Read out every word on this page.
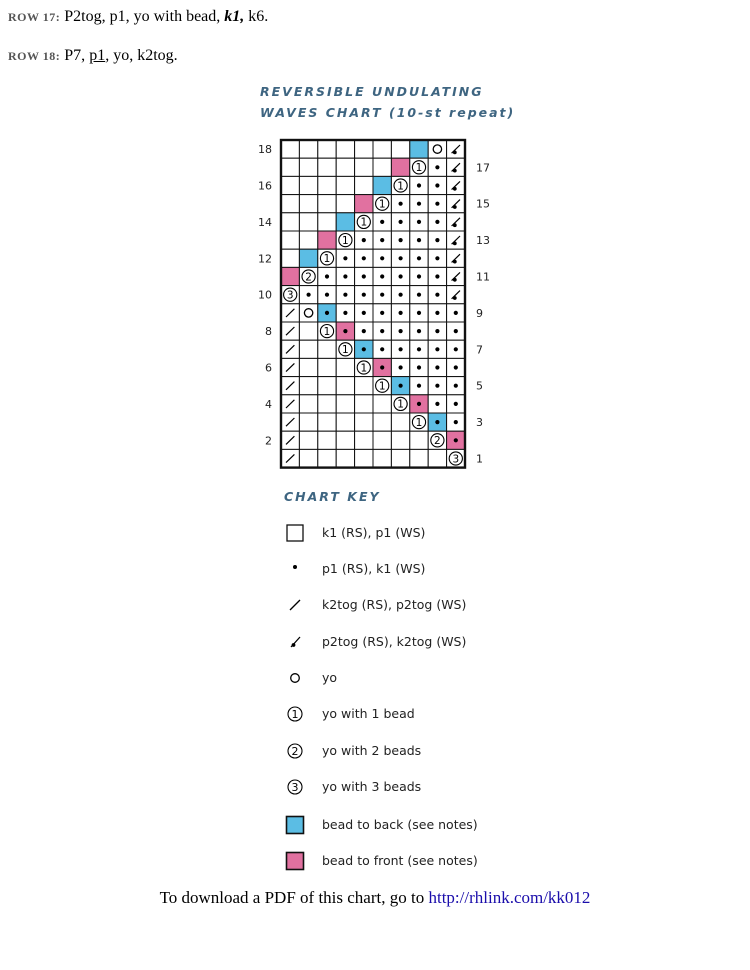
ROW 17: P2tog, p1, yo with bead, k1, k6.
ROW 18: P7, p1, yo, k2tog.
REVERSIBLE UNDULATING
WAVES CHART (10-st repeat)
1
1
1
1
1
1
2
3
1
1
1
1
1
1
2
3
18
16
14
12
10
8
6
4
2
17
15
13
11
9
7
5
3
1
CHART KEY
k1 (RS), p1 (WS)
p1 (RS), k1 (WS)
k2tog (RS), p2tog (WS)
p2tog (RS), k2tog (WS)
yo
1 yo with 1 bead
2 yo with 2 beads
3 yo with 3 beads
bead to back (see notes)
bead to front (see notes)
To download a PDF of this chart, go to http://rhlink.com/kk012
